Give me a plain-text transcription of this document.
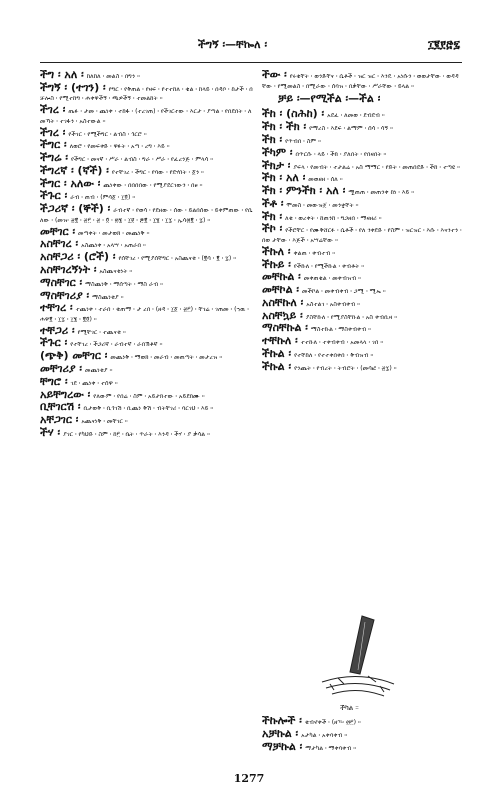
ችግኝ ፡—ቸኰለ ፡	፲፪፻፸፯
ችግ ፡ አለ ፡ ከለከለ ፡ መልስ ፡ በግን ።
ችግኝ ፡ (ተገን) ፡ የግር ፡ የቅጠል ፡ የዛፍ ፡ የተተከለ ፡ ቁል ፡ ከላይ ፡ በዳቦ ፡ ከታች ፡ በቻሎስ ፡ የሚተከግ ፡ ሐቀዋችኝ ፡ ጫዎችኝ ፡ ተመልከት ።
ችገረ ፡ ጤፉ ፡ ታመ ፡ ጨነቀ ፡ ተከፋ ፡ (ተረገጠ) ፡ የችገርተው ፡ እርታ ፡ ያጣል ፡ የበደበት ፡ ለመኻት ፡ ተገፋን ፡ አስተውል ።
ችገረ ፡ የችገር ፡ የሚችግር ፡ ልብስ ፡ ጎርሮ ።
ችግር ፡ ለወሮ ፡ የመፍቀድ ፡ ዋፉት ፡ አጣ ፡ ረግ ፡ እይ ።
ችግሬ ፡ የችግር ፡ መናኛ ፡ ሥራ ፡ ልብስ ፡ ግራ ፡ ሥራ ፡ የፈረንጅ ፡ ምላሳ ።
ችግረኛ ፡ (ኛች) ፡ የተቸገረ ፡ ችግር ፡ የባው ፡ የደሃበት ፡ ፩ን ።
ችግር ፡ አለው ፡ ጨነቀው ፡ በበበበው ፡ የሚያደርገውን ፡ በፀ ።
ችጉር ፡ ራብ ፡ ጠብ ፡ (ምሳ፩ ፡ ፲፬) ።
ችጋሪኛ ፡ (ኞች) ፡ ራብተኛ ፡ የወሳ ፡ የደዘው ፡ ሰው ፡ ይልበሰው ፡ ይቀምጠው ፡ የሴለው ፡ (መዝ፡ ፳፪ ፡ ፳፫ ፡ ፳ ፡ ፬ ፡ ፴፮ ፡ ፲፱ ፡ ፷፪ ፡ ፲፮ ፡ ፲፯ ፡ ኢሳ፴፪ ፡ ፯) ።
መቸገር ፡ መጣቀት ፡ መታወክ ፡ መጨነቅ ።
አስቸገረ ፡ አስጨነቀ ፡ አላሣ ፡ አጠራበ ።
አስቸጋሪ ፡ (ሮች) ፡ የሰቸገረ ፡ የሚያሰቸግር ፡ አስጨናቂ ፡ (፪ሳ ፡ ፪ ፡ ፯) ።
አስቸገረኝነት ፡ አስጨናቂነት ።
ማስቸገር ፡ ማስጨነቅ ፡ ማሰጣት ፡ ማስ ራብ ።
ማስቸገሪያ ፡ ማስጨነቂያ ።
ተቸገረ ፡ ተጨነቀ ፡ ተራበ ፡ ቁጠማ ፡ ታ ረበ ፡ (ዘዳ ፡ ፲፩ ፡ ፳፫) ፡ ቸገሬ ፡ ገጠመ ፡ (ኀዉ ፡ ሐዋ፪ ፡ ፲፯ ፡ ፲፮ ፡ ፪፬) ።
ተቸጋሪ ፡ የሚቸገር ፡ ተጨናቂ ።
ችጉር ፡ የተቸገረ ፡ ችጋሪኛ ፡ ራብተኛ ፡ ራበኽቶኛ ።
(ጭቅ) መቸገር ፡ መጨነቅ ፡ ማወክ ፡ መራብ ፡ መጠጣት ፡ መታረዝ ።
መቸገሪያ ፡ መጨነቂያ ።
ቸግሮ ፡ ገደ ፡ ጨነቀ ፡ ተሰዋ ።
አይቸግረው ፡ የለውም ፡ የበሬ ፡ ስም ፡ አይታክተው ፡ አይደክሙ ።
ቢቸገርሽ ፡ ቢታወቅ ፡ ቢጎገሽ ፡ ቢጨነ ቅሽ ፡ ብትቸገሪ ፡ ባርገህ ፡ እይ ።
አቸጋገር ፡ አጨናነቅ ፡ መቸገር ።
ችሃ ፡ ያገር ፡ የካህድ ፡ ስም ፡ ከ፫ ፡ ቤት ፡ ጥራት ፡ እንዳ ፡ ችሃ ፡ ያ ቃሳል ።
ችው ፡ የሩቁቸት ፡ ወንድቸና ፡ ሴቶች ፡ ዝር ዝር ፡ እንዴ ፡ አነሱን ፡ ወወታቸው ፡ ወዳዳቸው ፡ የሚመልስ ፡ በሚራው ፡ ሰባዝ ፡ በቃቸው ፡ ሥራቸው ፡ ይላል ።
ቻይ ፡—የሚችል ፡—ችል ፡
ችከ ፡ (ስሕከ) ፡ አደፈ ፡ ለመወ ፡ ደብደብ ።
ችክ ፡ ችክ ፡ የማረስ ፡ እደፍ ፡ ልማም ፡ ሰሳ ፡ ሳኝ ።
ችክ ፡ የጥብበ ፡ ስም ።
ችካም ፡ በጥርሱ ፡ ላይ ፡ ችክ ፡ ያለበት ፡ የበዛበት ።
ችክታ ፡ ያፍላ ፡ የመብት ፡ ተታልሬ ፡ አስ ማማር ፡ የድት ፡ መጠበደድ ፡ ችከ ፡ ተጣዩ ።
ችክ ፡ አለ ፡ መወዘዘ ፡ ሰለ ።
ችክ ፡ ምንችክ ፡ አለ ፡ ሟጠጠ ፡ መጠንቀ ከነ ፡ እይ ።
ችቶ ፡ ሞመስ ፡ መውዝጀ ፡ መንቋቸት ።
ችክ ፡ ለቁ ፡ ወረቀት ፡ ከጠንከ ፡ ግጋዘበ ፡ ማዛዘሪ ።
ችኮ ፡ የችሮቸር ፡ የሙቅሸርፉ ፡ ሴቶች ፡ የለ ንቀደድ ፡ የስም ፡ ዝርዝር ፡ እሱ ፡ እናንተን ፡ በወ ታቸው ፡ እጅች ፡ አሣሬቸው ።
ችኩለ ፡ ቀልጠ ፡ ቀብተብ ።
ችኩይ ፡ የችኩለ ፡ የሚችኩል ፡ ቀብቶት ።
መቸኩል ፡ መቀጠቁል ፡ መቀብዝብ ።
መቸኮል ፡ መችኮል ፡ መቀብቀብ ፡ ጋሚ ፡ ሚኤ ።
አስቸኩለ ፡ አስተልገ ፡ አስቀብቀብ ።
አስቸኳይ ፡ ያስቸኩለ ፡ የሚያስቸኩል ፡ አስ ቀብቢዛ ።
ማስቸኩል ፡ ማስተኩል ፡ ማስቀብቀብ ።
ተቸኩለ ፡ ተተኩለ ፡ ተቀብቀብ ፡ አመላላ ፡ ገበ ።
ችኩል ፡ የተቸከለ ፡ የተተቀበቀበ ፡ ቅብዝብ ።
ችኩል ፡ የንጨት ፡ የብረት ፡ ትብሮት ፡ (መሳፎ ፡ ፳፯) ።
ችካል ።
ችኩሎች ፡ ቁብኖቀች ፡ (ዘኍ፡ ፴፫) ።
አቻኩል ፡ አታካል ፡ አቀባቀብ ።
ማቻኩል ፡ ማታካል ፡ ማቀባቀብ ።
1277
